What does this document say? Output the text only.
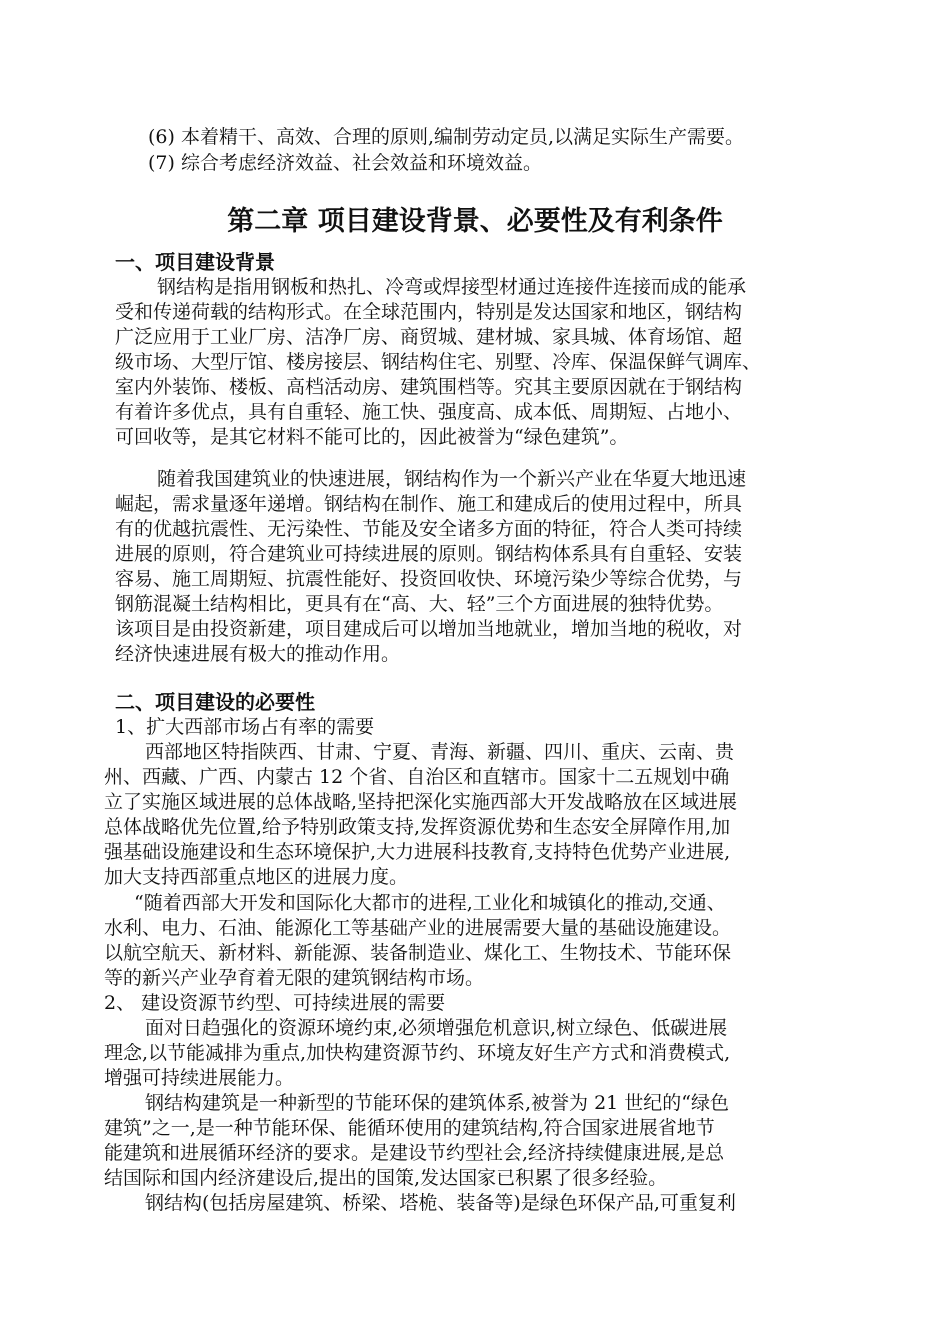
(6) 本着精干、高效、合理的原则,编制劳动定员,以满足实际生产需要。
(7) 综合考虑经济效益、社会效益和环境效益。
第二章 项目建设背景、必要性及有利条件
一、项目建设背景
钢结构是指用钢板和热扎、冷弯或焊接型材通过连接件连接而成的能承
受和传递荷载的结构形式。在全球范围内，特别是发达国家和地区，钢结构
广泛应用于工业厂房、洁净厂房、商贸城、建材城、家具城、体育场馆、超
级市场、大型厅馆、楼房接层、钢结构住宅、别墅、冷库、保温保鲜气调库、
室内外装饰、楼板、高档活动房、建筑围档等。究其主要原因就在于钢结构
有着许多优点，具有自重轻、施工快、强度高、成本低、周期短、占地小、
可回收等，是其它材料不能可比的，因此被誉为“绿色建筑”。
随着我国建筑业的快速进展，钢结构作为一个新兴产业在华夏大地迅速
崛起，需求量逐年递增。钢结构在制作、施工和建成后的使用过程中，所具
有的优越抗震性、无污染性、节能及安全诸多方面的特征，符合人类可持续
进展的原则，符合建筑业可持续进展的原则。钢结构体系具有自重轻、安装
容易、施工周期短、抗震性能好、投资回收快、环境污染少等综合优势，与
钢筋混凝土结构相比，更具有在“高、大、轻”三个方面进展的独特优势。
该项目是由投资新建，项目建成后可以增加当地就业，增加当地的税收，对
经济快速进展有极大的推动作用。
二、项目建设的必要性
1、扩大西部市场占有率的需要
西部地区特指陕西、甘肃、宁夏、青海、新疆、四川、重庆、云南、贵
州、西藏、广西、内蒙古 12 个省、自治区和直辖市。国家十二五规划中确
立了实施区域进展的总体战略,坚持把深化实施西部大开发战略放在区域进展
总体战略优先位置,给予特别政策支持,发挥资源优势和生态安全屏障作用,加
强基础设施建设和生态环境保护,大力进展科技教育,支持特色优势产业进展,
加大支持西部重点地区的进展力度。
“随着西部大开发和国际化大都市的进程,工业化和城镇化的推动,交通、
水利、电力、石油、能源化工等基础产业的进展需要大量的基础设施建设。
以航空航天、新材料、新能源、装备制造业、煤化工、生物技术、节能环保
等的新兴产业孕育着无限的建筑钢结构市场。
2、 建设资源节约型、可持续进展的需要
面对日趋强化的资源环境约束,必须增强危机意识,树立绿色、低碳进展
理念,以节能减排为重点,加快构建资源节约、环境友好生产方式和消费模式,
增强可持续进展能力。
钢结构建筑是一种新型的节能环保的建筑体系,被誉为 21 世纪的“绿色
建筑”之一,是一种节能环保、能循环使用的建筑结构,符合国家进展省地节
能建筑和进展循环经济的要求。是建设节约型社会,经济持续健康进展,是总
结国际和国内经济建设后,提出的国策,发达国家已积累了很多经验。
钢结构(包括房屋建筑、桥梁、塔桅、装备等)是绿色环保产品,可重复利
